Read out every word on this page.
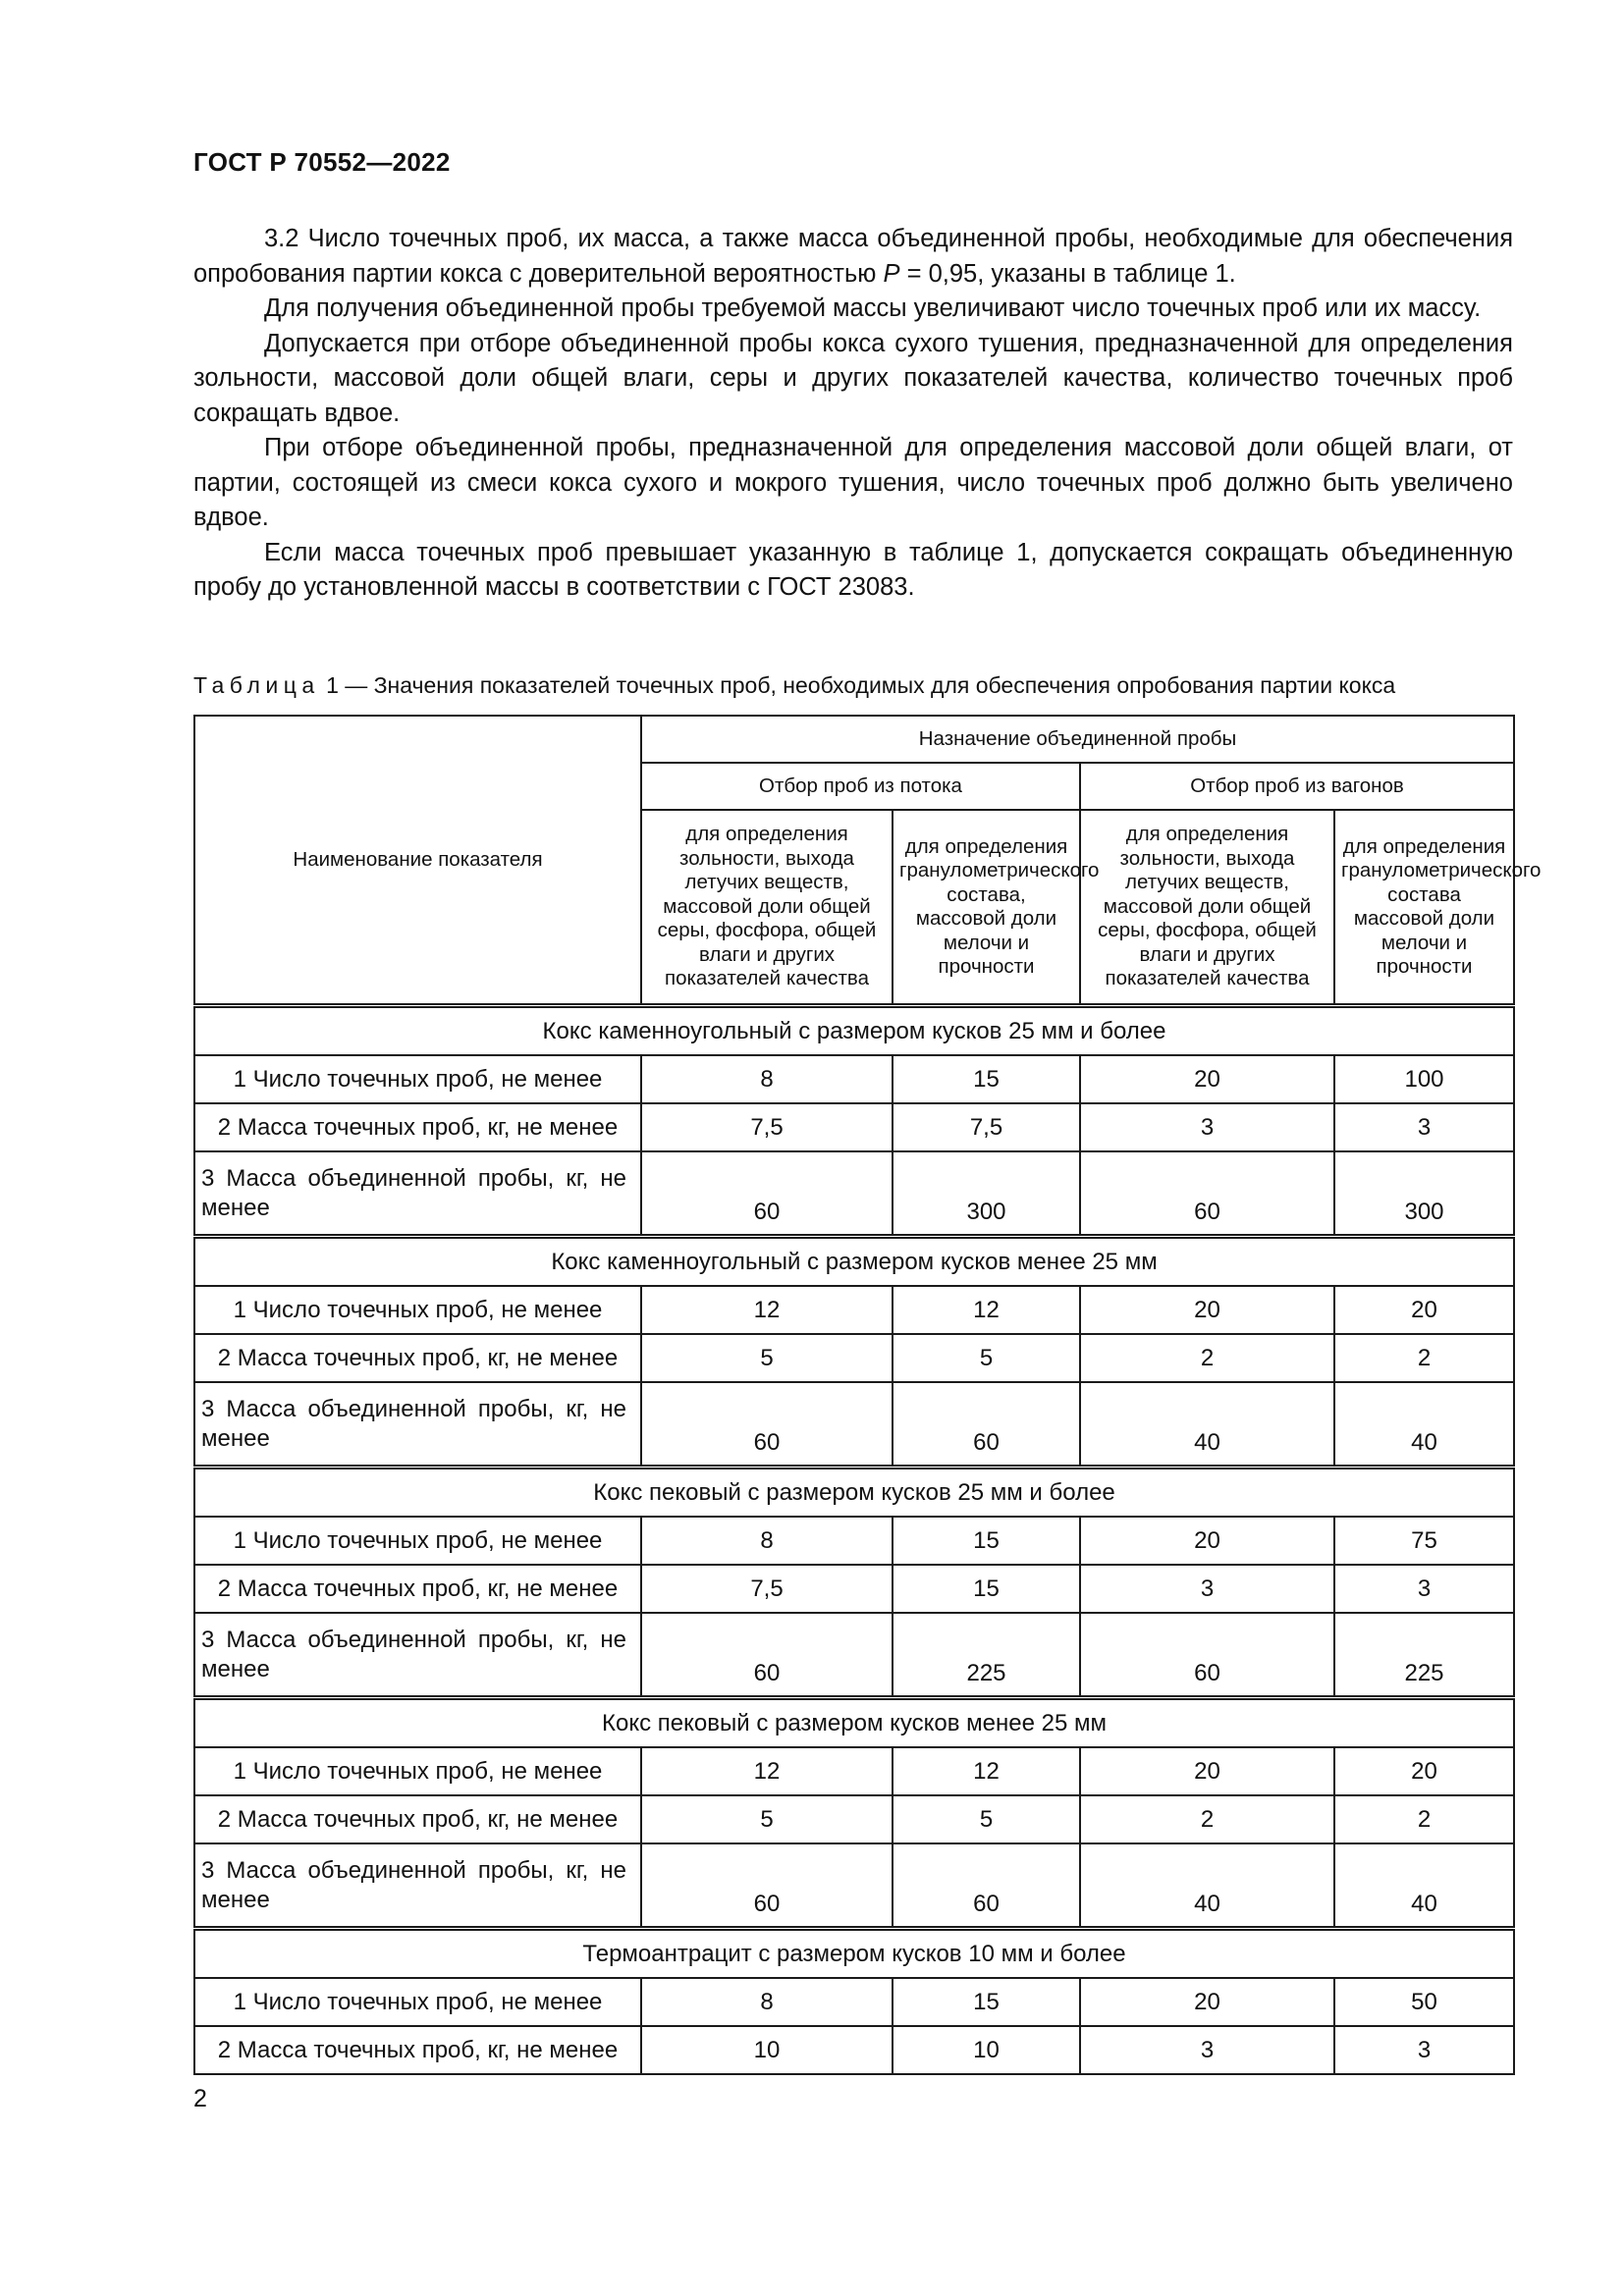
ГОСТ Р 70552—2022

3.2 Число точечных проб, их масса, а также масса объединенной пробы, необходимые для обеспечения опробования партии кокса с доверительной вероятностью P = 0,95, указаны в таблице 1.

Для получения объединенной пробы требуемой массы увеличивают число точечных проб или их массу.

Допускается при отборе объединенной пробы кокса сухого тушения, предназначенной для определения зольности, массовой доли общей влаги, серы и других показателей качества, количество точечных проб сокращать вдвое.

При отборе объединенной пробы, предназначенной для определения массовой доли общей влаги, от партии, состоящей из смеси кокса сухого и мокрого тушения, число точечных проб должно быть увеличено вдвое.

Если масса точечных проб превышает указанную в таблице 1, допускается сокращать объединенную пробу до установленной массы в соответствии с ГОСТ 23083.

Таблица 1 — Значения показателей точечных проб, необходимых для обеспечения опробования партии кокса
Наименование показателя	Назначение объединенной пробы			
	Отбор проб из потока		Отбор проб из вагонов	
	для определения зольности, выхода летучих веществ, массовой доли общей серы, фосфора, общей влаги и других показателей качества	для определения гранулометрического состава, массовой доли мелочи и прочности	для определения зольности, выхода летучих веществ, массовой доли общей серы, фосфора, общей влаги и других показателей качества	для определения гранулометрического состава массовой доли мелочи и прочности
Кокс каменноугольный с размером кусков 25 мм и более				
1 Число точечных проб, не менее	8	15	20	100
2 Масса точечных проб, кг, не менее	7,5	7,5	3	3
3 Масса объединенной пробы, кг, не менее	60	300	60	300
Кокс каменноугольный с размером кусков менее 25 мм				
1 Число точечных проб, не менее	12	12	20	20
2 Масса точечных проб, кг, не менее	5	5	2	2
3 Масса объединенной пробы, кг, не менее	60	60	40	40
Кокс пековый с размером кусков 25 мм и более				
1 Число точечных проб, не менее	8	15	20	75
2 Масса точечных проб, кг, не менее	7,5	15	3	3
3 Масса объединенной пробы, кг, не менее	60	225	60	225
Кокс пековый с размером кусков менее 25 мм				
1 Число точечных проб, не менее	12	12	20	20
2 Масса точечных проб, кг, не менее	5	5	2	2
3 Масса объединенной пробы, кг, не менее	60	60	40	40
Термоантрацит с размером кусков 10 мм и более				
1 Число точечных проб, не менее	8	15	20	50
2 Масса точечных проб, кг, не менее	10	10	3	3
2
